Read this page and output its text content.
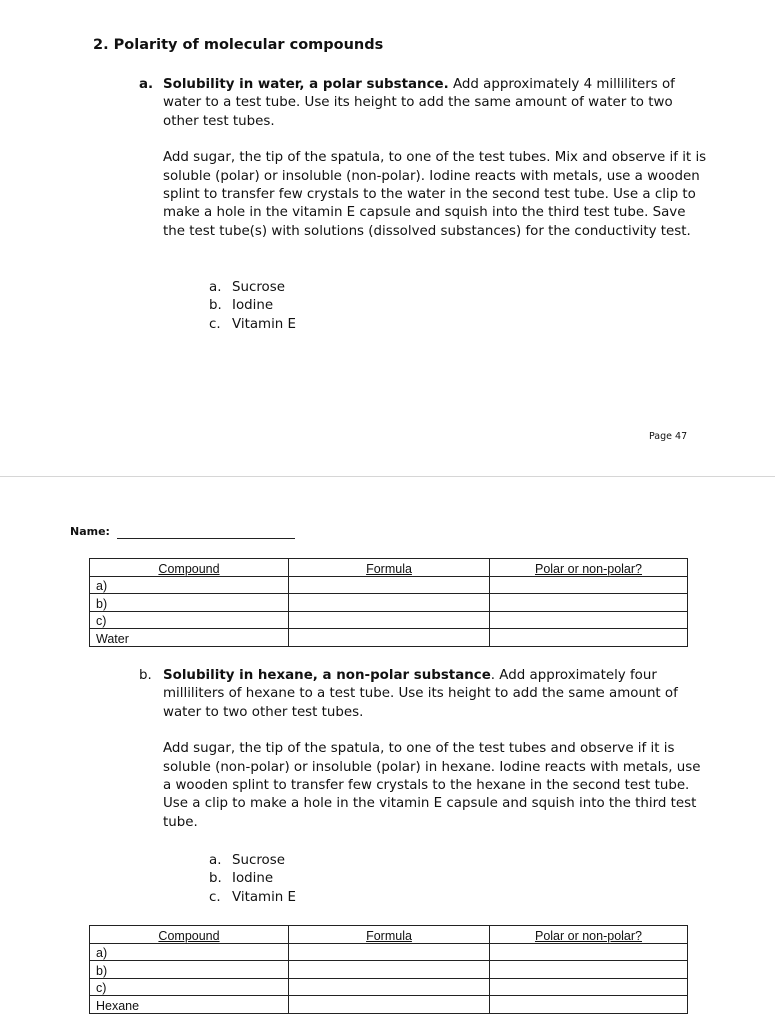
2. Polarity of molecular compounds
a. Solubility in water, a polar substance. Add approximately 4 milliliters of water to a test tube. Use its height to add the same amount of water to two other test tubes.
Add sugar, the tip of the spatula, to one of the test tubes. Mix and observe if it is soluble (polar) or insoluble (non-polar). Iodine reacts with metals, use a wooden splint to transfer few crystals to the water in the second test tube. Use a clip to make a hole in the vitamin E capsule and squish into the third test tube. Save the test tube(s) with solutions (dissolved substances) for the conductivity test.
a. Sucrose
b. Iodine
c. Vitamin E
Page 47
Name:
Compound	Formula	Polar or non-polar?
a)		
b)		
c)		
Water		
b. Solubility in hexane, a non-polar substance. Add approximately four milliliters of hexane to a test tube. Use its height to add the same amount of water to two other test tubes.
Add sugar, the tip of the spatula, to one of the test tubes and observe if it is soluble (non-polar) or insoluble (polar) in hexane. Iodine reacts with metals, use a wooden splint to transfer few crystals to the hexane in the second test tube. Use a clip to make a hole in the vitamin E capsule and squish into the third test tube.
a. Sucrose
b. Iodine
c. Vitamin E
Compound	Formula	Polar or non-polar?
a)		
b)		
c)		
Hexane		
